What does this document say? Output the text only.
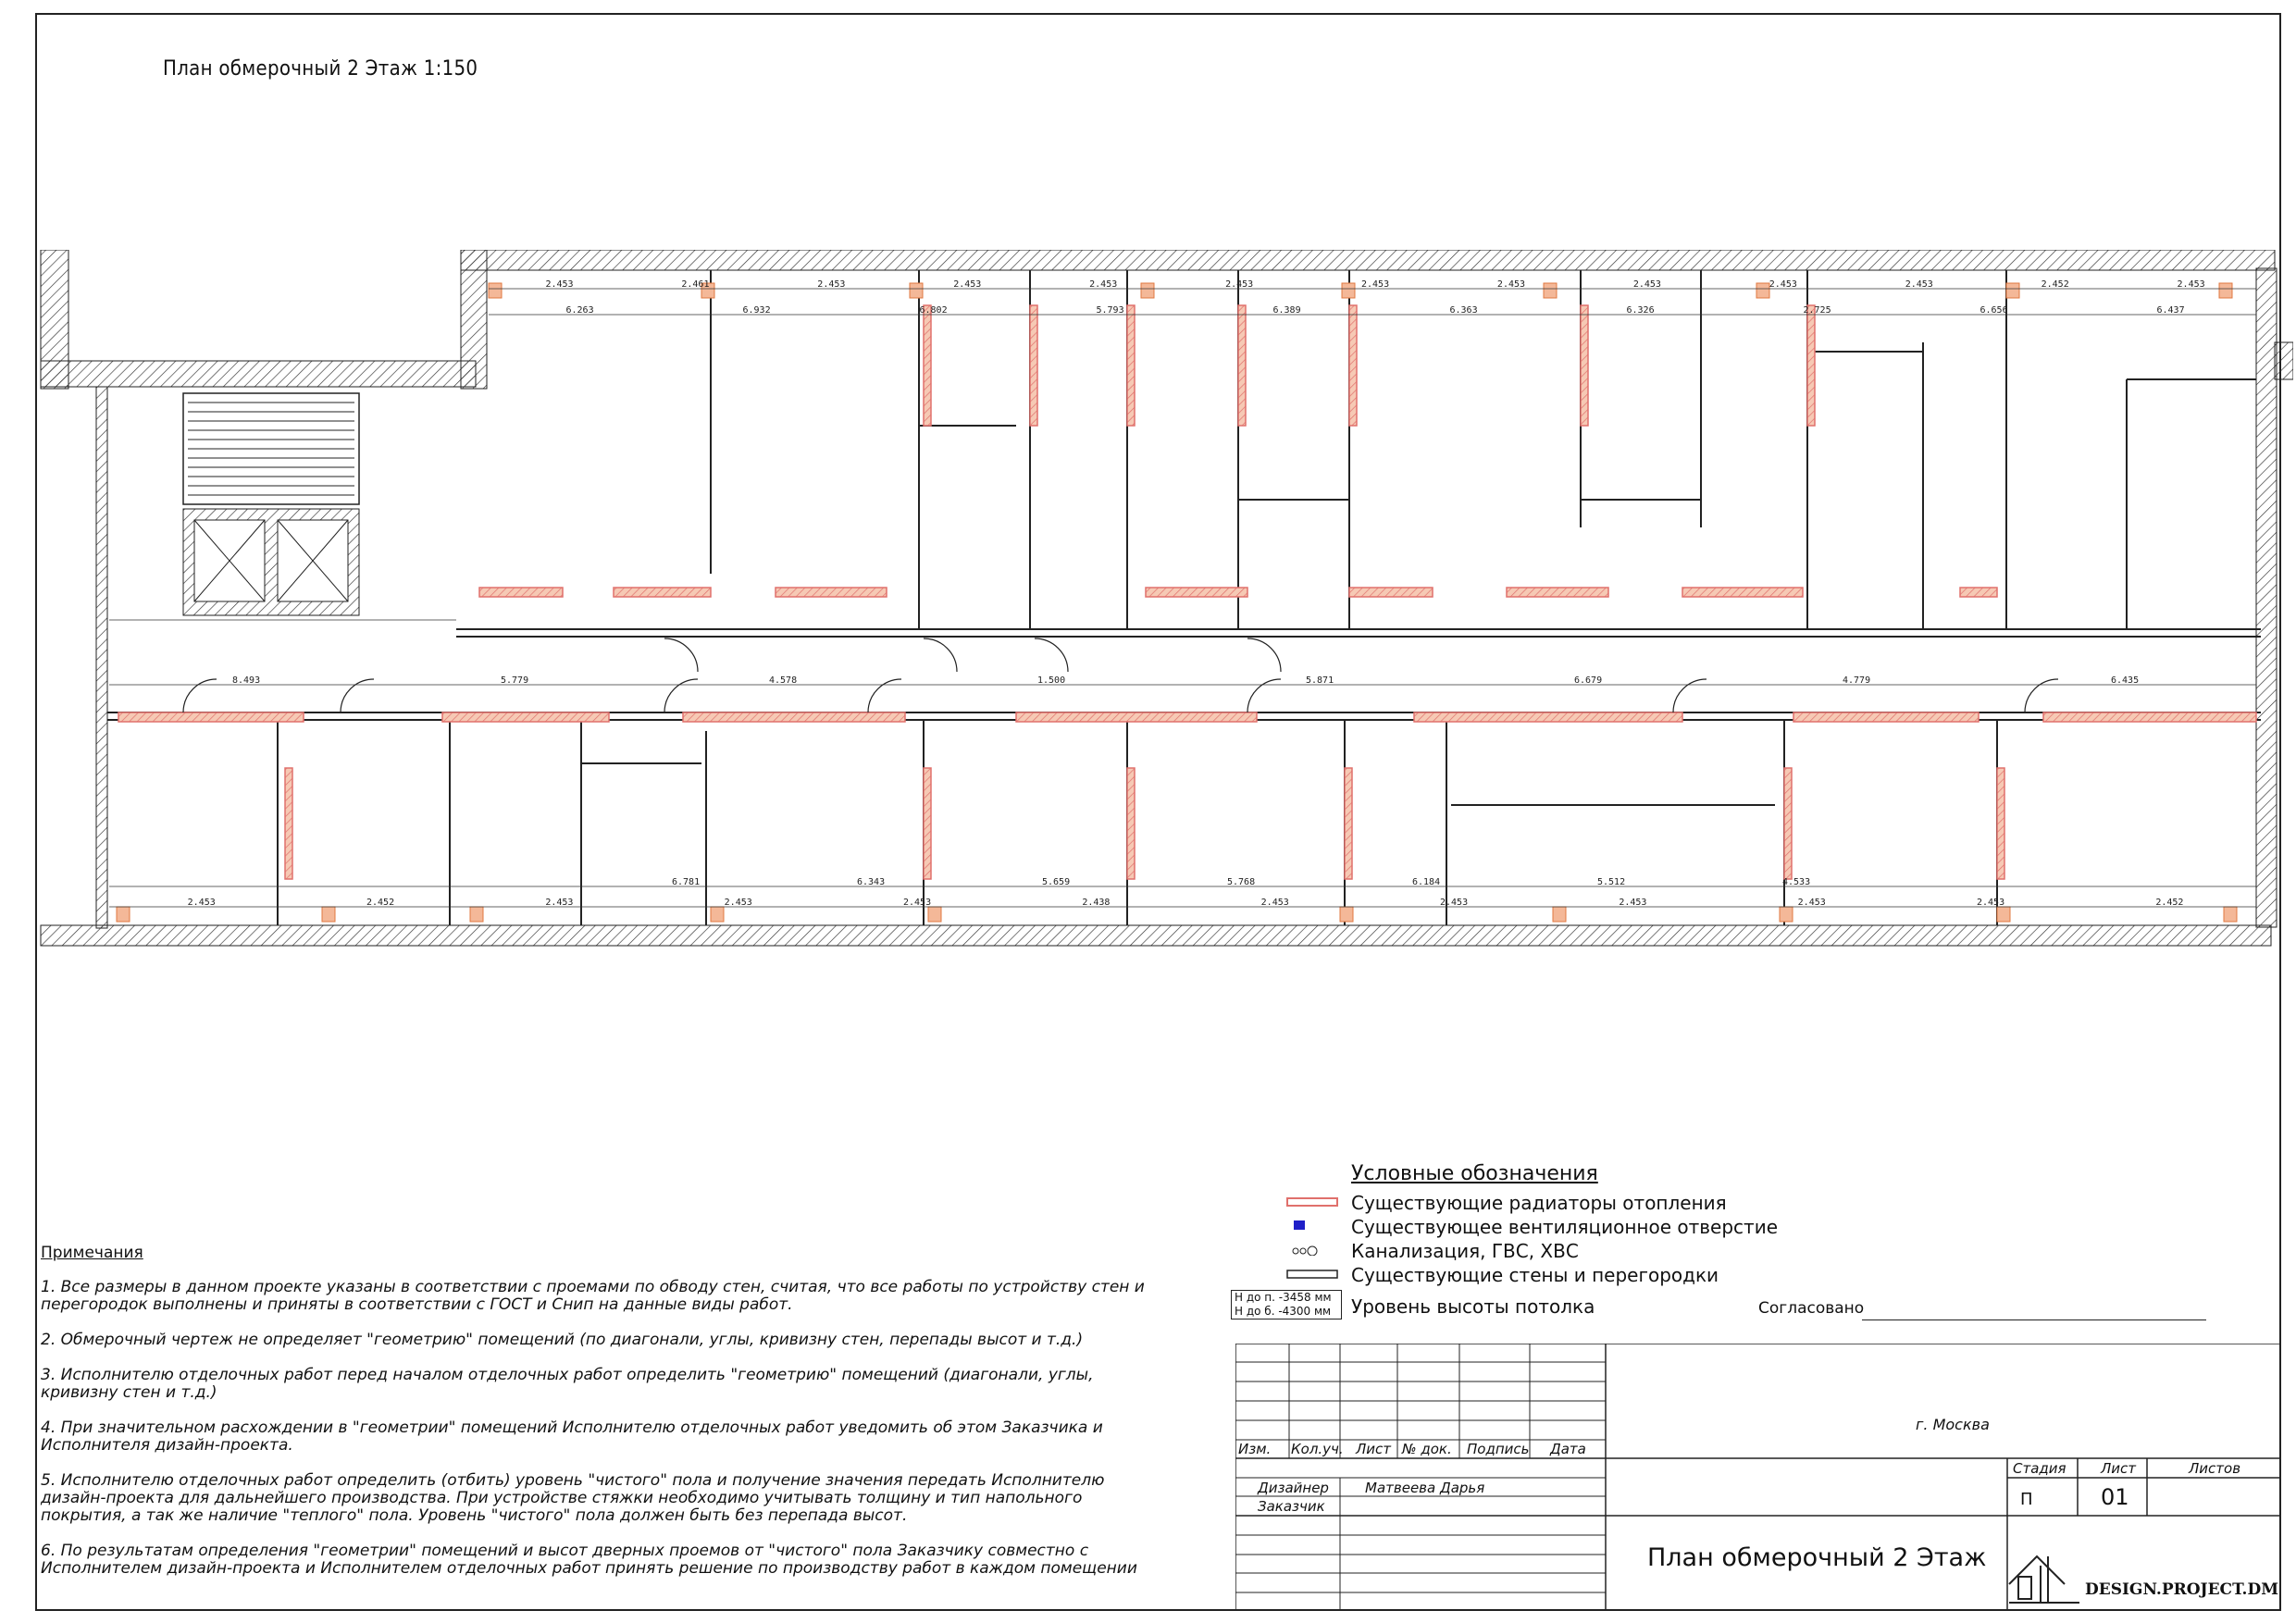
План обмерочный 2 Этаж 1:150
2.453	2.461	2.453	2.453	2.453	2.453	2.453	2.453	2.453	2.453	2.453	2.452	2.453
6.263	6.932	6.802	5.793	6.389	6.363	6.326	2.725	6.656	6.437
8.493	5.779	4.578	1.500	5.871	6.679	4.779	6.435
2.453	2.452	2.453	2.453	2.453	2.438	2.453	2.453	2.453	2.453	2.453	2.452
6.781	6.343	5.659	5.768	6.184	5.512	4.533
Условные обозначения
Существующие радиаторы отопления
Существующее вентиляционное отверстие
Канализация, ГВС, ХВС
Существующие стены и перегородки
Н до п. -3458 мм
Н до б. -4300 мм	Уровень высоты потолка
Примечания
1. Все размеры в данном проекте указаны в соответствии с проемами по обводу стен, считая, что все работы по устройству стен и перегородок выполнены и приняты в соответствии с ГОСТ и Снип на данные виды работ.
2. Обмерочный чертеж не определяет "геометрию" помещений (по диагонали, углы, кривизну стен, перепады высот и т.д.)
3. Исполнителю отделочных работ перед началом отделочных работ определить "геометрию" помещений (диагонали, углы, кривизну стен и т.д.)
4. При значительном расхождении в "геометрии" помещений Исполнителю отделочных работ уведомить об этом Заказчика и Исполнителя дизайн-проекта.
5. Исполнителю отделочных работ определить (отбить) уровень "чистого" пола и получение значения передать Исполнителю дизайн-проекта для дальнейшего производства. При устройстве стяжки необходимо учитывать толщину и тип напольного покрытия, а так же наличие "теплого" пола. Уровень "чистого" пола должен быть без перепада высот.
6. По результатам определения "геометрии" помещений и высот дверных проемов от "чистого" пола Заказчику совместно с Исполнителем дизайн-проекта и Исполнителем отделочных работ принять решение по производству работ в каждом помещении
Согласовано
Изм. Кол.уч. Лист № док. Подпись Дата
Дизайнер	Матвеева Дарья
Заказчик
г. Москва
Стадия Лист	Листов
П	01
План обмерочный 2 Этаж
DESIGN.PROJECT.DM
